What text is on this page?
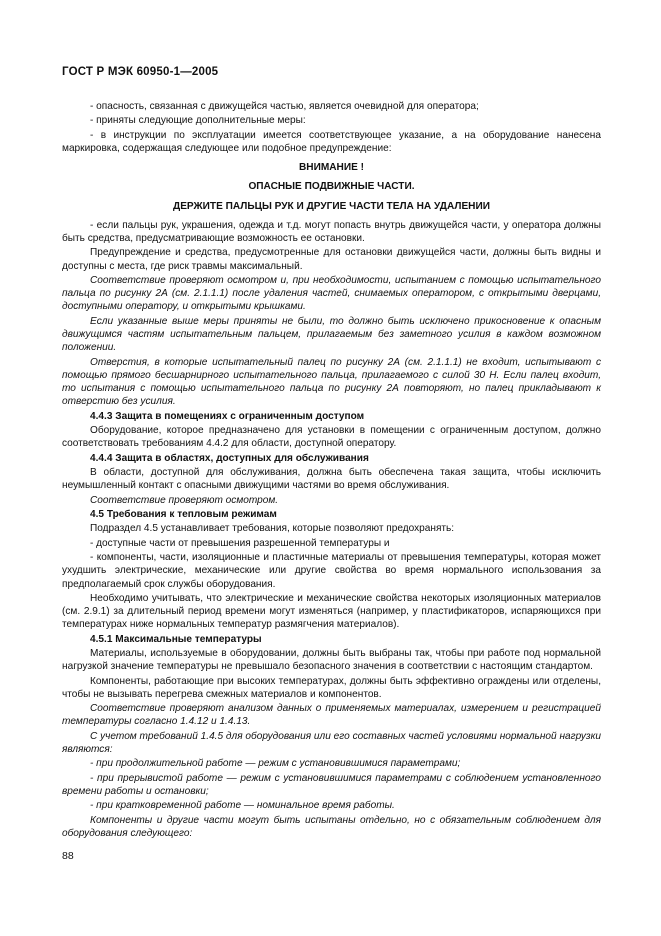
ГОСТ Р МЭК 60950-1—2005

- опасность, связанная с движущейся частью, является очевидной для оператора;

- приняты следующие дополнительные меры:

- в инструкции по эксплуатации имеется соответствующее указание, а на оборудование нанесена маркировка, содержащая следующее или подобное предупреждение:

ВНИМАНИЕ !

ОПАСНЫЕ ПОДВИЖНЫЕ ЧАСТИ.

ДЕРЖИТЕ ПАЛЬЦЫ РУК И ДРУГИЕ ЧАСТИ ТЕЛА НА УДАЛЕНИИ

- если пальцы рук, украшения, одежда и т.д. могут попасть внутрь движущейся части, у оператора должны быть средства, предусматривающие возможность ее остановки.

Предупреждение и средства, предусмотренные для остановки движущейся части, должны быть видны и доступны с места, где риск травмы максимальный.

Соответствие проверяют осмотром и, при необходимости, испытанием с помощью испытательного пальца по рисунку 2А (см. 2.1.1.1) после удаления частей, снимаемых оператором, с открытыми дверцами, доступными оператору, и открытыми крышками.

Если указанные выше меры приняты не были, то должно быть исключено прикосновение к опасным движущимся частям испытательным пальцем, прилагаемым без заметного усилия в каждом возможном положении.

Отверстия, в которые испытательный палец по рисунку 2А (см. 2.1.1.1) не входит, испытывают с помощью прямого бесшарнирного испытательного пальца, прилагаемого с силой 30 Н. Если палец входит, то испытания с помощью испытательного пальца по рисунку 2А повторяют, но палец прикладывают к отверстию без усилия.

4.4.3 Защита в помещениях с ограниченным доступом

Оборудование, которое предназначено для установки в помещении с ограниченным доступом, должно соответствовать требованиям 4.4.2 для области, доступной оператору.

4.4.4 Защита в областях, доступных для обслуживания

В области, доступной для обслуживания, должна быть обеспечена такая защита, чтобы исключить неумышленный контакт с опасными движущими частями во время обслуживания.

Соответствие проверяют осмотром.

4.5 Требования к тепловым режимам

Подраздел 4.5 устанавливает требования, которые позволяют предохранять:

- доступные части от превышения разрешенной температуры и

- компоненты, части, изоляционные и пластичные материалы от превышения температуры, которая может ухудшить электрические, механические или другие свойства во время нормального использования за предполагаемый срок службы оборудования.

Необходимо учитывать, что электрические и механические свойства некоторых изоляционных материалов (см. 2.9.1) за длительный период времени могут изменяться (например, у пластификаторов, испаряющихся при температурах ниже нормальных температур размягчения материалов).

4.5.1 Максимальные температуры

Материалы, используемые в оборудовании, должны быть выбраны так, чтобы при работе под нормальной нагрузкой значение температуры не превышало безопасного значения в соответствии с настоящим стандартом.

Компоненты, работающие при высоких температурах, должны быть эффективно ограждены или отделены, чтобы не вызывать перегрева смежных материалов и компонентов.

Соответствие проверяют анализом данных о применяемых материалах, измерением и регистрацией температуры согласно 1.4.12 и 1.4.13.

С учетом требований 1.4.5 для оборудования или его составных частей условиями нормальной нагрузки являются:

- при продолжительной работе — режим с установившимися параметрами;

- при прерывистой работе — режим с установившимися параметрами с соблюдением установленного времени работы и остановки;

- при кратковременной работе — номинальное время работы.

Компоненты и другие части могут быть испытаны отдельно, но с обязательным соблюдением для оборудования следующего:

88
